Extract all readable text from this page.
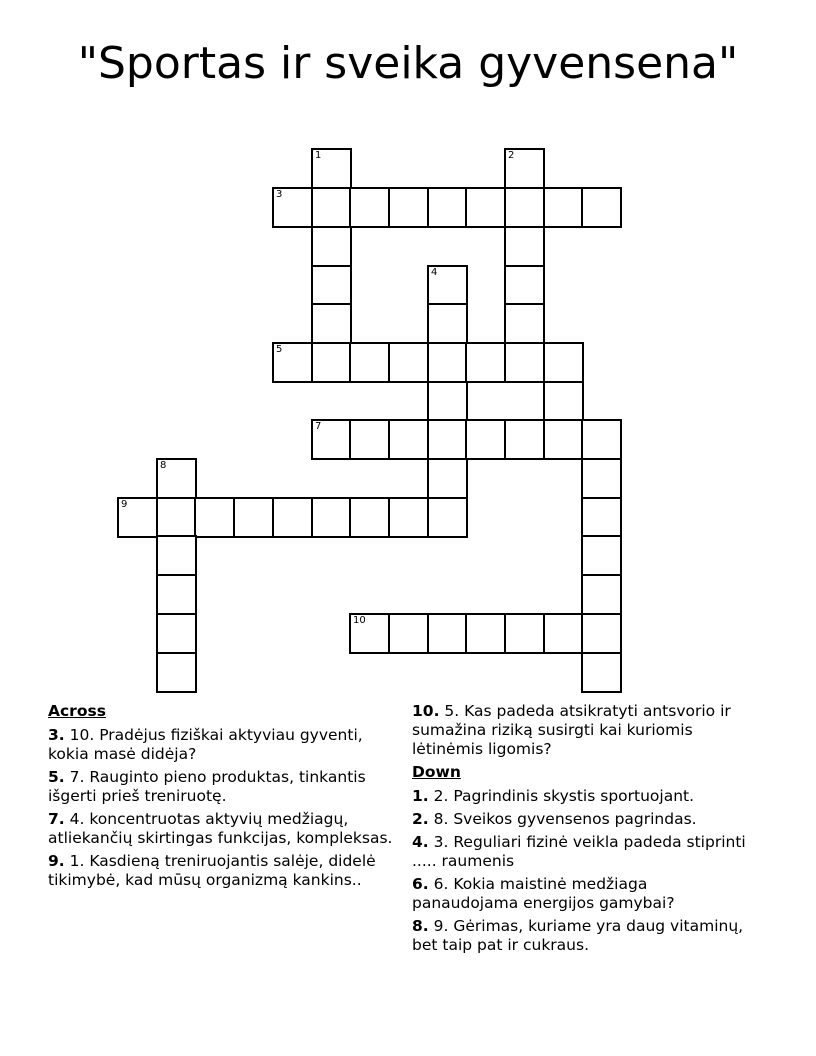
"Sportas ir sveika gyvensena"
1	2
3
4
5
7
8
9
10
Across
3. 10. Pradėjus fiziškai aktyviau gyventi, kokia masė didėja?
5. 7. Rauginto pieno produktas, tinkantis išgerti prieš treniruotę.
7. 4. koncentruotas aktyvių medžiagų, atliekančių skirtingas funkcijas, kompleksas.
9. 1. Kasdieną treniruojantis salėje, didelė tikimybė, kad mūsų organizmą kankins..
10. 5. Kas padeda atsikratyti antsvorio ir sumažina riziką susirgti kai kuriomis lėtinėmis ligomis?
Down
1. 2. Pagrindinis skystis sportuojant.
2. 8. Sveikos gyvensenos pagrindas.
4. 3. Reguliari fizinė veikla padeda stiprinti ..... raumenis
6. 6. Kokia maistinė medžiaga panaudojama energijos gamybai?
8. 9. Gėrimas, kuriame yra daug vitaminų, bet taip pat ir cukraus.
